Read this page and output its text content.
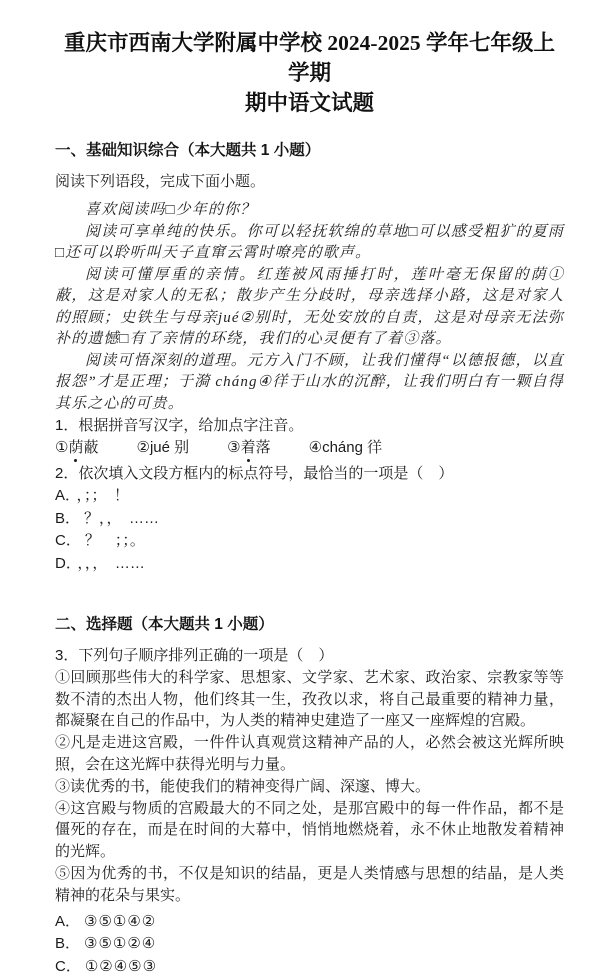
重庆市西南大学附属中学校 2024-2025 学年七年级上学期
期中语文试题
一、基础知识综合（本大题共 1 小题）

阅读下列语段，完成下面小题。

喜欢阅读吗□少年的你？

阅读可享单纯的快乐。你可以轻抚软绵的草地□可以感受粗犷的夏雨□还可以聆听叫天子直窜云霄时嘹亮的歌声。

阅读可懂厚重的亲情。红莲被风雨捶打时，莲叶毫无保留的荫①蔽，这是对家人的无私；散步产生分歧时，母亲选择小路，这是对家人的照顾；史铁生与母亲jué②别时，无处安放的自责，这是对母亲无法弥补的遗憾□有了亲情的环绕，我们的心灵便有了着③落。

阅读可悟深刻的道理。元方入门不顾，让我们懂得“以德报德，以直报怨”才是正理；于漪 cháng④徉于山水的沉醉，让我们明白有一颗自得其乐之心的可贵。

1．根据拼音写汉字，给加点字注音。

①荫蔽	②jué 别	③着落	④cháng 徉

2．依次填入文段方框内的标点符号，最恰当的一项是（　）

A． ，；；　！
B． ？，，　……
C． ？　；；。
D． ，，，　……
二、选择题（本大题共 1 小题）

3．下列句子顺序排列正确的一项是（　）

①回顾那些伟大的科学家、思想家、文学家、艺术家、政治家、宗教家等等数不清的杰出人物，他们终其一生，孜孜以求，将自己最重要的精神力量，都凝聚在自己的作品中，为人类的精神史建造了一座又一座辉煌的宫殿。

②凡是走进这宫殿，一件件认真观赏这精神产品的人，必然会被这光辉所映照，会在这光辉中获得光明与力量。

③读优秀的书，能使我们的精神变得广阔、深邃、博大。

④这宫殿与物质的宫殿最大的不同之处，是那宫殿中的每一件作品，都不是僵死的存在，而是在时间的大幕中，悄悄地燃烧着，永不休止地散发着精神的光辉。

⑤因为优秀的书，不仅是知识的结晶，更是人类情感与思想的结晶，是人类精神的花朵与果实。

A． ③⑤①④②
B． ③⑤①②④
C． ①②④⑤③
